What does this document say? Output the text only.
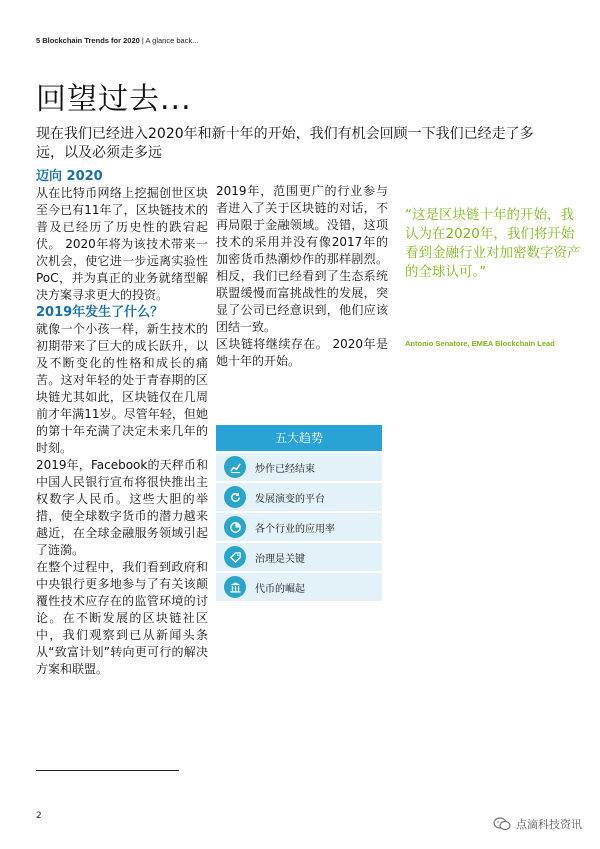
5 Blockchain Trends for 2020 | A glance back...
回望过去...

现在我们已经进入2020年和新十年的开始，我们有机会回顾一下我们已经走了多远，以及必须走多远

迈向 2020

从在比特币网络上挖掘创世区块至今已有11年了，区块链技术的普及已经历了历史性的跌宕起伏。 2020年将为该技术带来一次机会，使它进一步远离实验性PoC，并为真正的业务就绪型解决方案寻求更大的投资。

2019年发生了什么？

就像一个小孩一样，新生技术的初期带来了巨大的成长跃升，以及不断变化的性格和成长的痛苦。这对年轻的处于青春期的区块链尤其如此，区块链仅在几周前才年满11岁。尽管年轻，但她的第十年充满了决定未来几年的时刻。

2019年，Facebook的天秤币和中国人民银行宣布将很快推出主权数字人民币。这些大胆的举措，使全球数字货币的潜力越来越近，在全球金融服务领域引起了涟漪。

在整个过程中，我们看到政府和中央银行更多地参与了有关该颠覆性技术应存在的监管环境的讨论。在不断发展的区块链社区中，我们观察到已从新闻头条从“致富计划”转向更可行的解决方案和联盟。

2019年，范围更广的行业参与者进入了关于区块链的对话，不再局限于金融领域。没错，这项技术的采用并没有像2017年的加密货币热潮炒作的那样剧烈。相反，我们已经看到了生态系统联盟缓慢而富挑战性的发展，突显了公司已经意识到，他们应该团结一致。

区块链将继续存在。 2020年是她十年的开始。

“这是区块链十年的开始，我认为在2020年，我们将开始看到金融行业对加密数字资产的全球认可。”
Antonio Senatore, EMEA Blockchain Lead
五大趋势
炒作已经结束
发展演变的平台
各个行业的应用率
治理是关键
代币的崛起
2
点滴科技资讯
